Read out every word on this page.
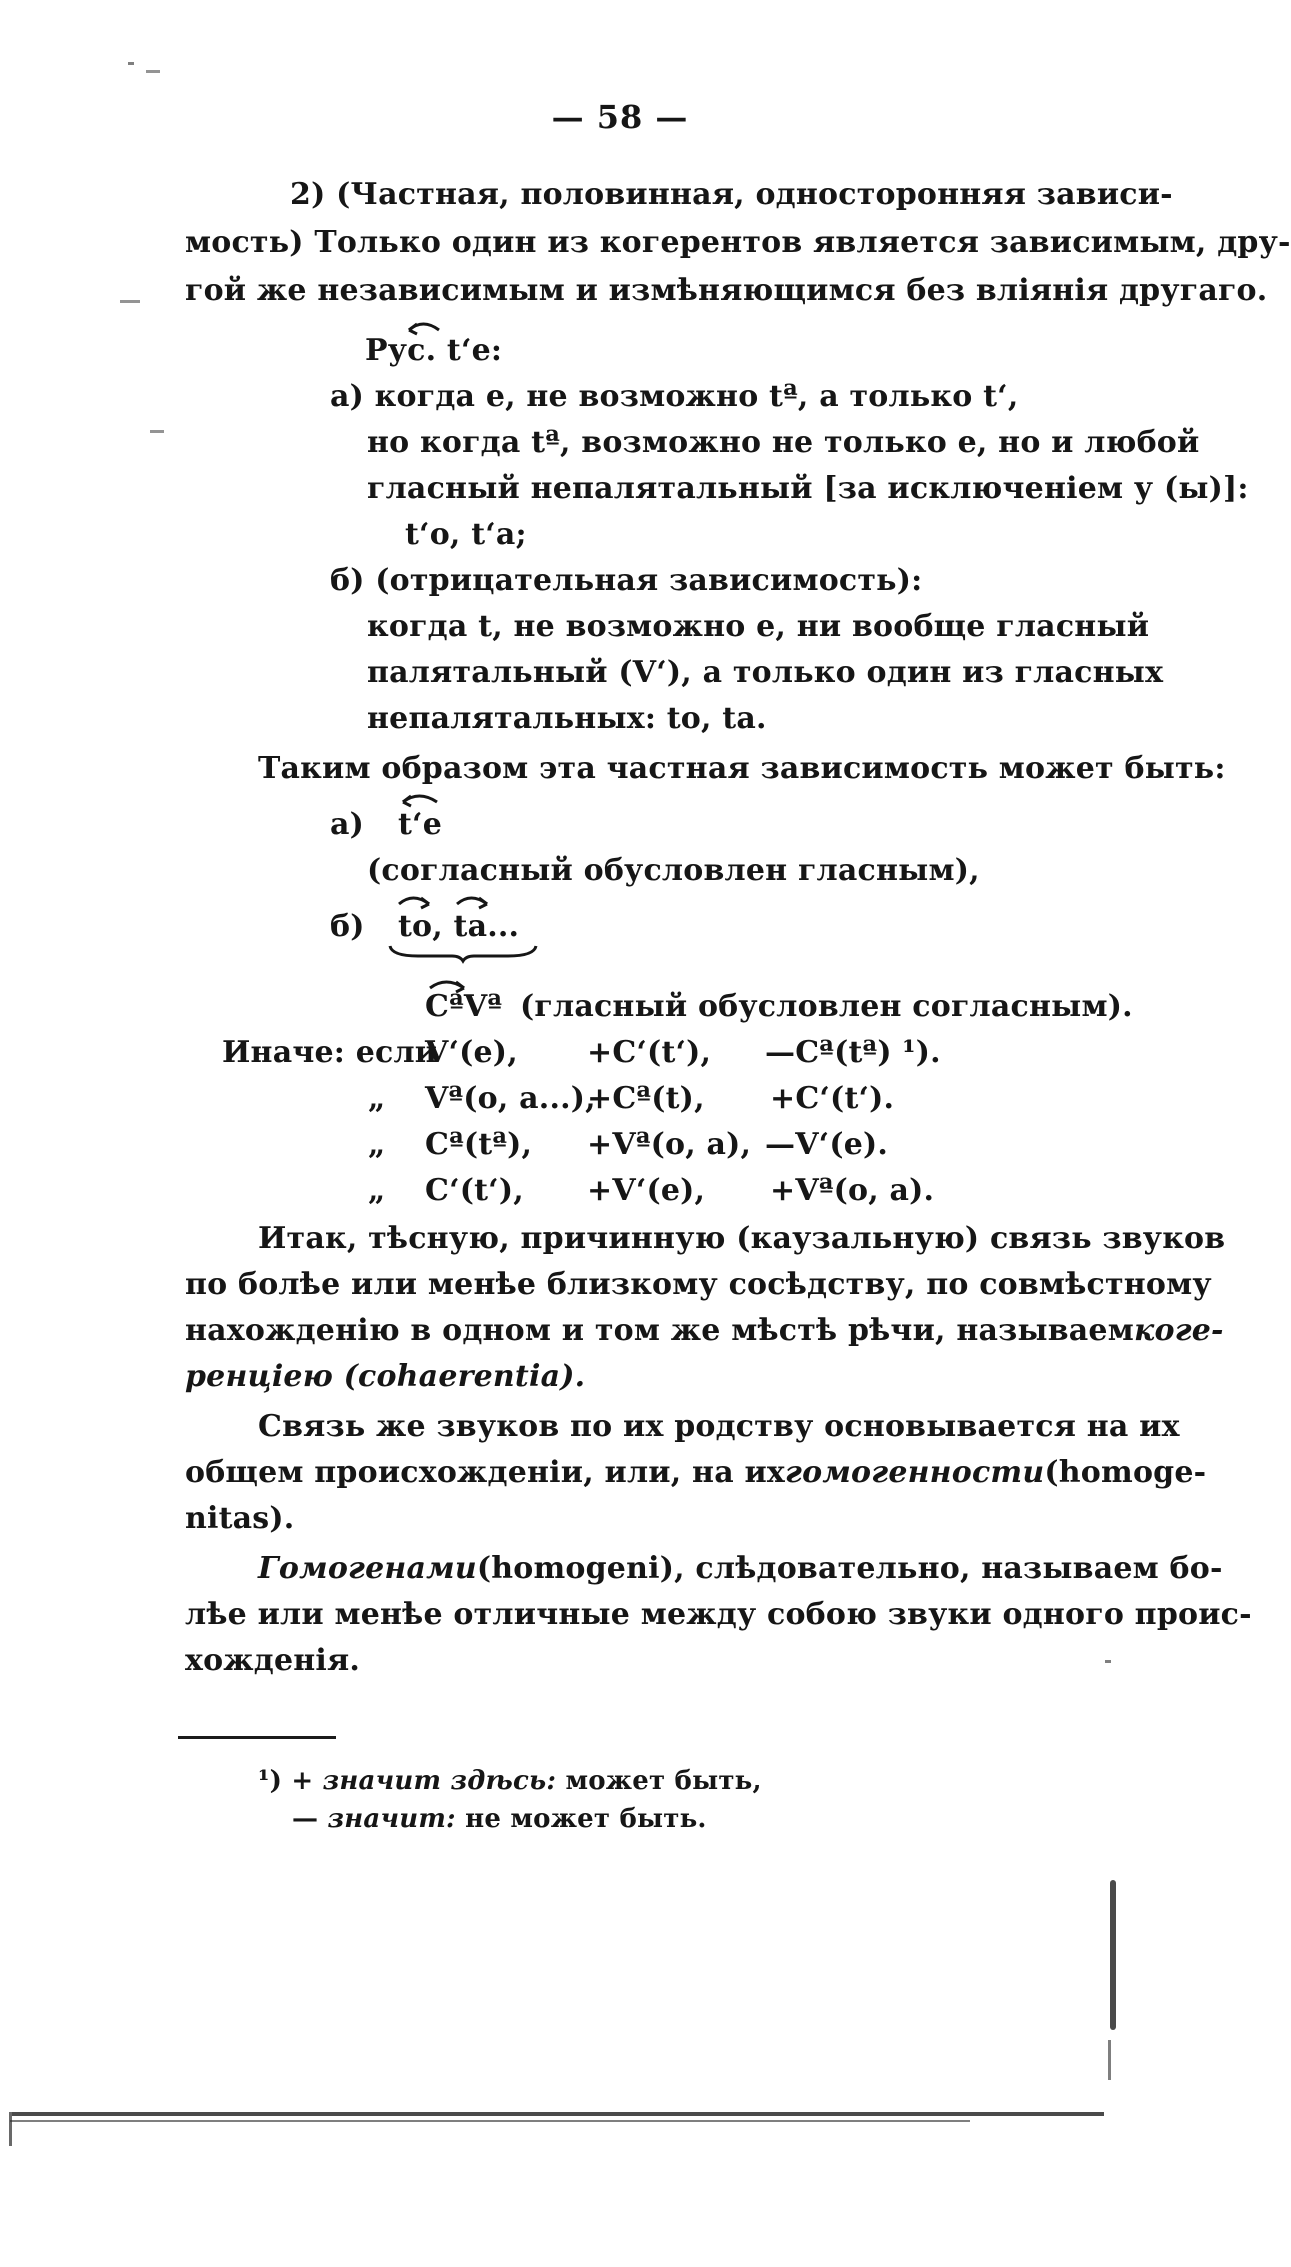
— 58 —
2) (Частная, половинная, односторонняя зависи-
мость) Только один из когерентов является зависимым, дру-
гой же независимым и измѣняющимся без вліянія другаго.
Рус. t‘e:
а) когда е, не возможно tª, а только t‘,
но когда tª, возможно не только е, но и любой
гласный непалятальный [за исключеніем у (ы)]:
t‘o, t‘a;
б) (отрицательная зависимость):
когда t, не возможно е, ни вообще гласный
палятальный (V‘), а только один из гласных
непалятальных: to, ta.
Таким образом эта частная зависимость может быть:
а) t‘e
(согласный обусловлен гласным),
б) to, ta...
CªVª (гласный обусловлен согласным).
Иначе: если
V‘(e), +C‘(t‘), —Cª(tª) ¹).
„ Vª(o, a...),
+Cª(t), +C‘(t‘).
„ Cª(tª), +Vª(o, a), —V‘(e).
„ C‘(t‘), +V‘(e), +Vª(o, a).
Итак, тѣсную, причинную (каузальную) связь звуков
по болѣе или менѣе близкому сосѣдству, по совмѣстному
нахожденію в одном и том же мѣстѣ рѣчи, называем коге-
ренціею (cohaerentia).
Связь же звуков по их родству основывается на их
общем происхожденіи, или, на их гомогенности (homoge-
nitas).
Гомогенами (homogeni), слѣдовательно, называем бо-
лѣе или менѣе отличные между собою звуки одного проис-
хожденія.
¹) + значит здѣсь: может быть,
— значит: не может быть.
